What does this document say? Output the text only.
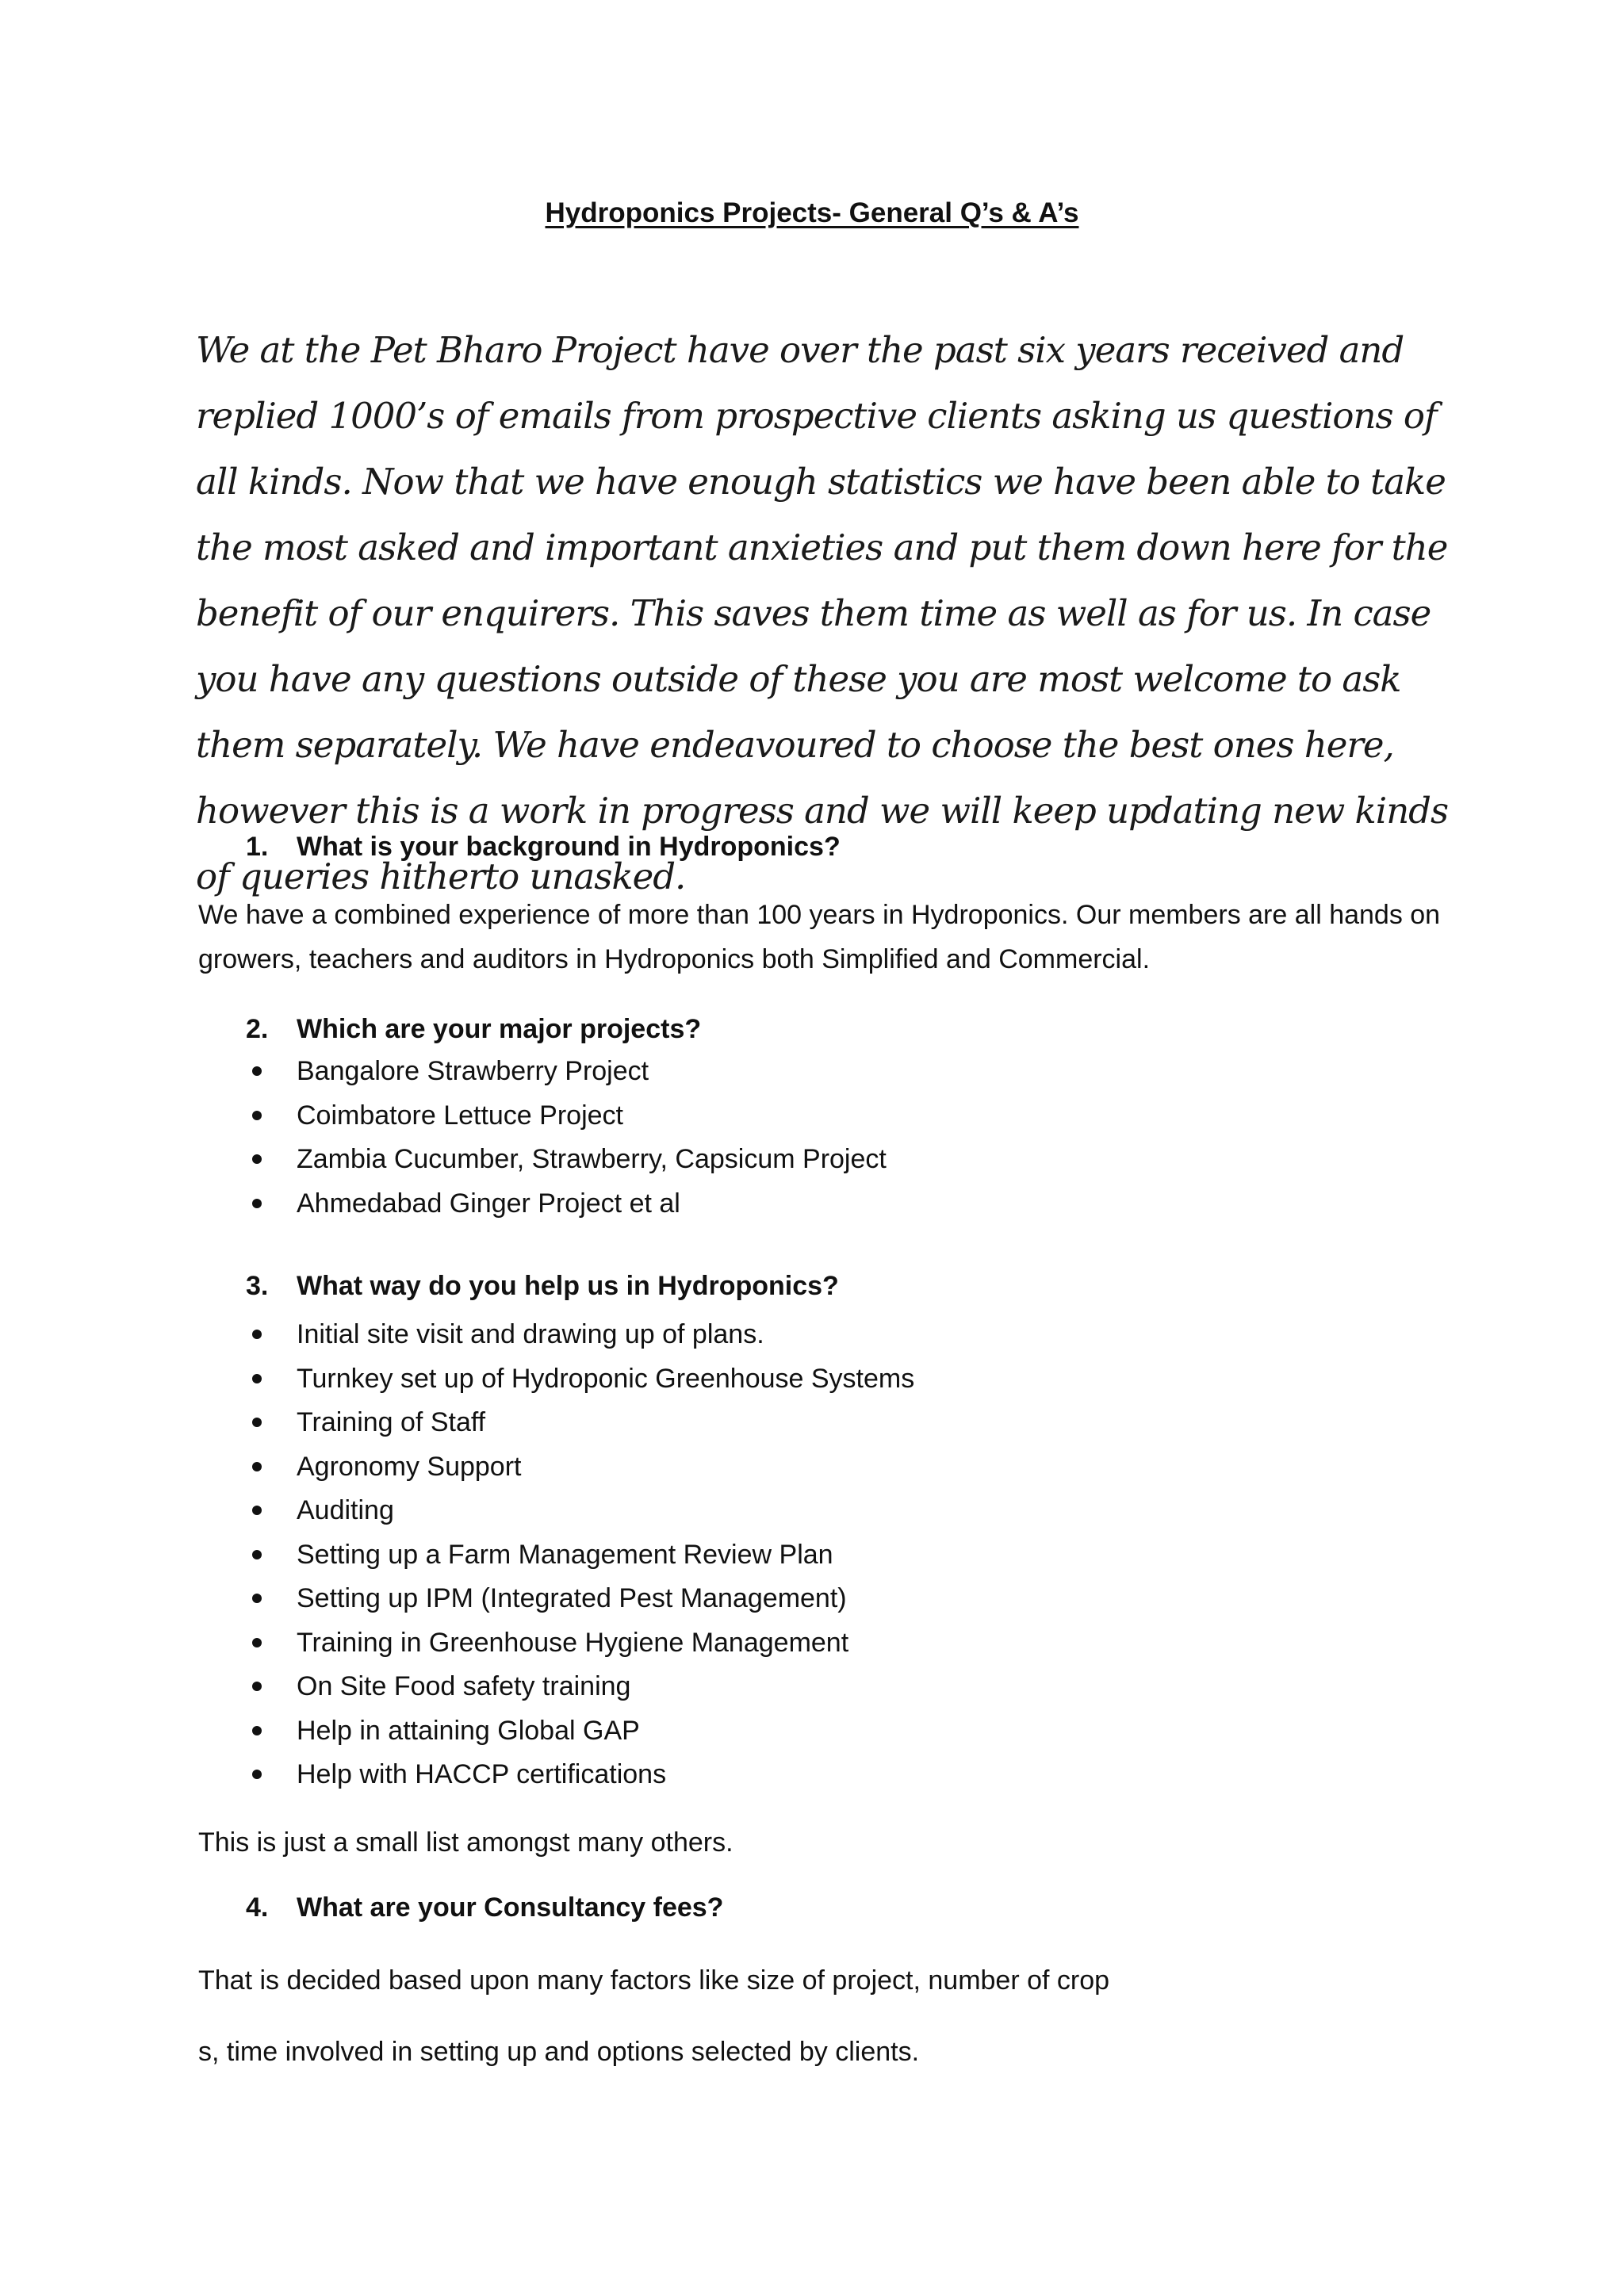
Hydroponics Projects- General Q’s & A’s

We at the Pet Bharo Project have over the past six years received and replied 1000’s of emails from prospective clients asking us questions of all kinds. Now that we have enough statistics we have been able to take the most asked and important anxieties and put them down here for the benefit of our enquirers. This saves them time as well as for us. In case you have any questions outside of these you are most welcome to ask them separately. We have endeavoured to choose the best ones here, however this is a work in progress and we will keep updating new kinds of queries hitherto unasked.

1. What is your background in Hydroponics?

We have a combined experience of more than 100 years in Hydroponics. Our members are all hands on growers, teachers and auditors in Hydroponics both Simplified and Commercial.

2. Which are your major projects?

Bangalore Strawberry Project
Coimbatore Lettuce Project
Zambia Cucumber, Strawberry, Capsicum Project
Ahmedabad Ginger Project et al

3. What way do you help us in Hydroponics?

Initial site visit and drawing up of plans.
Turnkey set up of Hydroponic Greenhouse Systems
Training of Staff
Agronomy Support
Auditing
Setting up a Farm Management Review Plan
Setting up IPM (Integrated Pest Management)
Training in Greenhouse Hygiene Management
On Site Food safety training
Help in attaining Global GAP
Help with HACCP certifications

This is just a small list amongst many others.

4. What are your Consultancy fees?

That is decided based upon many factors like size of project, number of crop

s, time involved in setting up and options selected by clients.
